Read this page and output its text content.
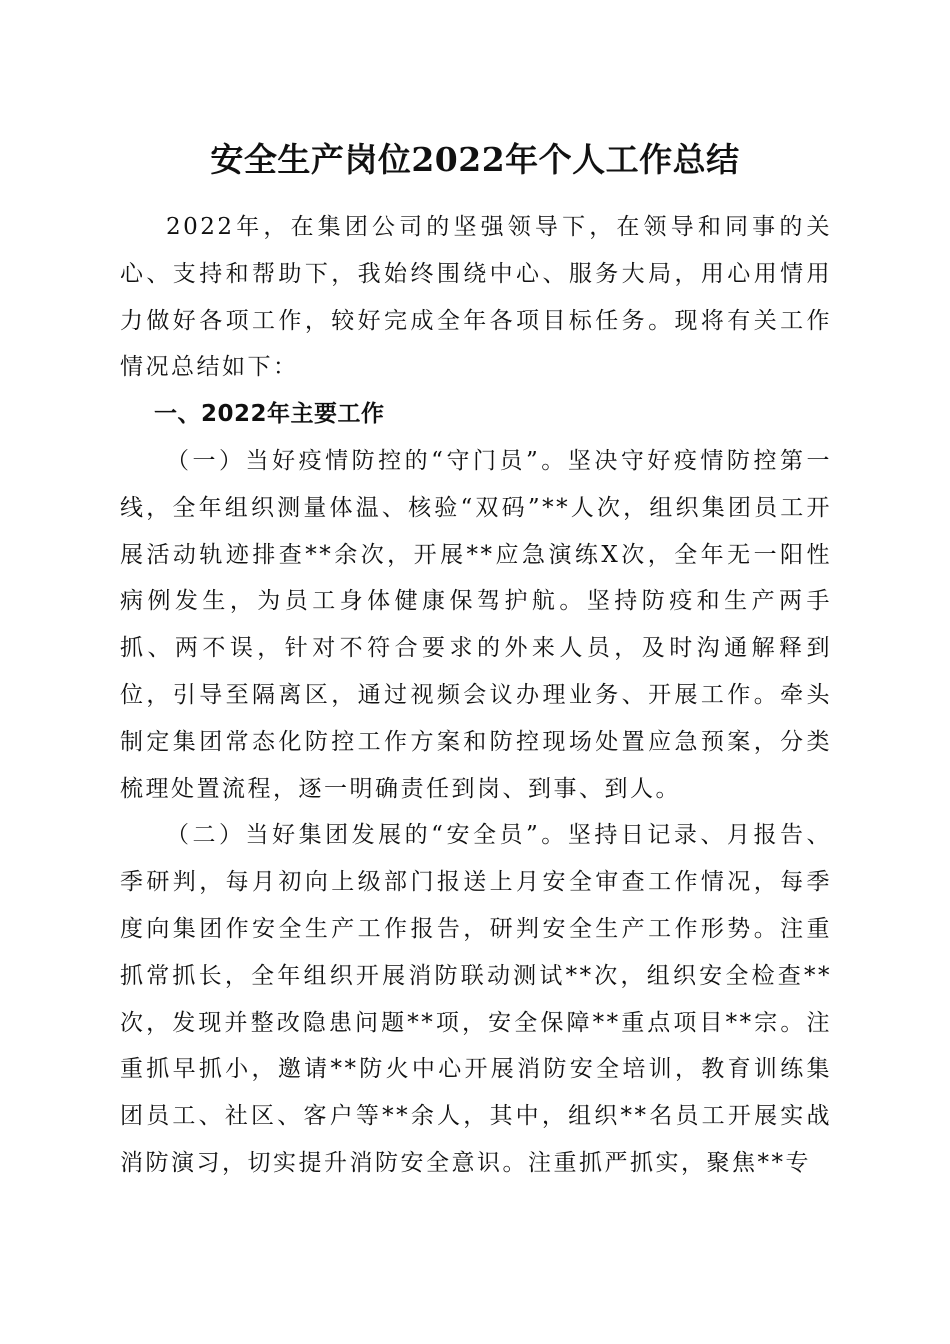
安全生产岗位2022年个人工作总结

2022年，在集团公司的坚强领导下，在领导和同事的关心、支持和帮助下，我始终围绕中心、服务大局，用心用情用力做好各项工作，较好完成全年各项目标任务。现将有关工作情况总结如下：

一、2022年主要工作

（一）当好疫情防控的“守门员”。坚决守好疫情防控第一线，全年组织测量体温、核验“双码”**人次，组织集团员工开展活动轨迹排查**余次，开展**应急演练X次，全年无一阳性病例发生，为员工身体健康保驾护航。坚持防疫和生产两手抓、两不误，针对不符合要求的外来人员，及时沟通解释到位，引导至隔离区，通过视频会议办理业务、开展工作。牵头制定集团常态化防控工作方案和防控现场处置应急预案，分类梳理处置流程，逐一明确责任到岗、到事、到人。

（二）当好集团发展的“安全员”。坚持日记录、月报告、季研判，每月初向上级部门报送上月安全审查工作情况，每季度向集团作安全生产工作报告，研判安全生产工作形势。注重抓常抓长，全年组织开展消防联动测试**次，组织安全检查**次，发现并整改隐患问题**项，安全保障**重点项目**宗。注重抓早抓小，邀请**防火中心开展消防安全培训，教育训练集团员工、社区、客户等**余人，其中，组织**名员工开展实战消防演习，切实提升消防安全意识。注重抓严抓实，聚焦**专
